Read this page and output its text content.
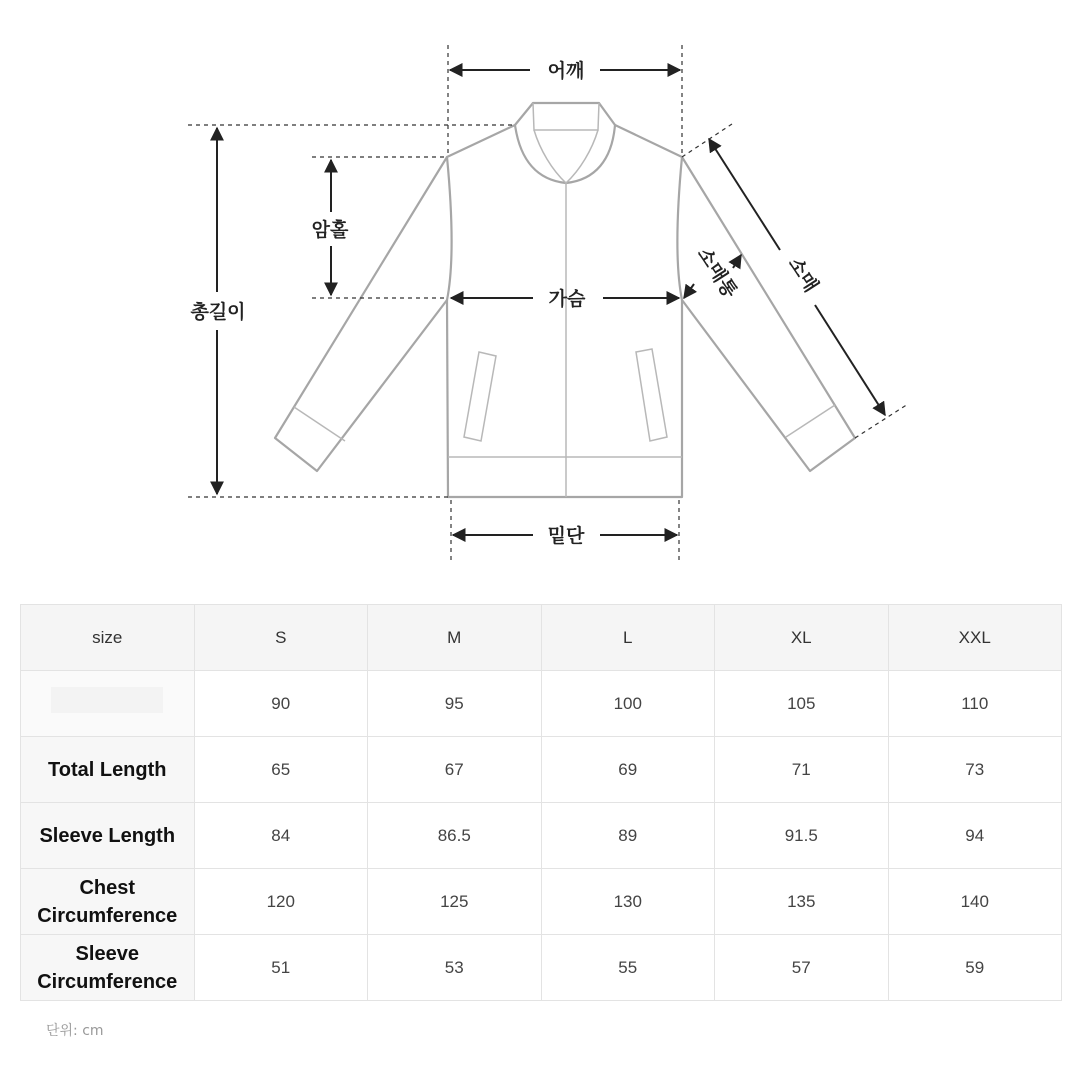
어깨
암홀
총길이
가슴
밑단
소매
소매통
size	S	M	L	XL	XXL
	90	95	100	105	110
Total Length	65	67	69	71	73
Sleeve Length	84	86.5	89	91.5	94
Chest Circumference	120	125	130	135	140
Sleeve Circumference	51	53	55	57	59
단위: cm
